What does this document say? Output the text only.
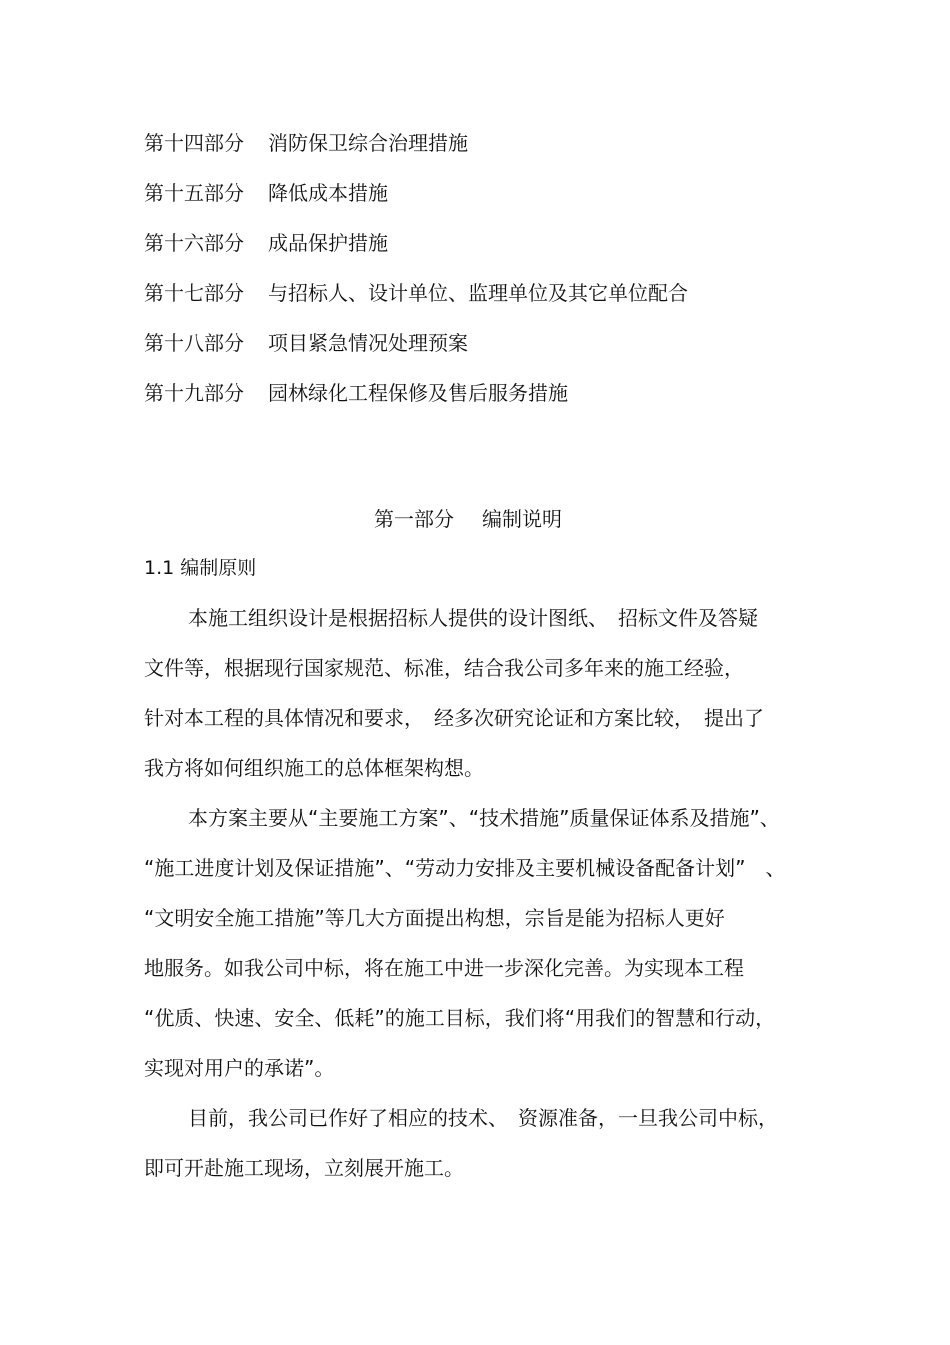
第十四部分 消防保卫综合治理措施
第十五部分 降低成本措施
第十六部分 成品保护措施
第十七部分 与招标人、设计单位、监理单位及其它单位配合
第十八部分 项目紧急情况处理预案
第十九部分 园林绿化工程保修及售后服务措施
第一部分 编制说明
1.1 编制原则
本施工组织设计是根据招标人提供的设计图纸、　招标文件及答疑
文件等，根据现行国家规范、标准，结合我公司多年来的施工经验，
针对本工程的具体情况和要求，　经多次研究论证和方案比较，　提出了
我方将如何组织施工的总体框架构想。
本方案主要从“主要施工方案”、“技术措施”质量保证体系及措施”、
“施工进度计划及保证措施”、“劳动力安排及主要机械设备配备计划”　、
“文明安全施工措施”等几大方面提出构想，宗旨是能为招标人更好
地服务。如我公司中标，将在施工中进一步深化完善。为实现本工程
“优质、快速、安全、低耗”的施工目标，我们将“用我们的智慧和行动，
实现对用户的承诺”。
目前，我公司已作好了相应的技术、　资源准备，一旦我公司中标，
即可开赴施工现场，立刻展开施工。
